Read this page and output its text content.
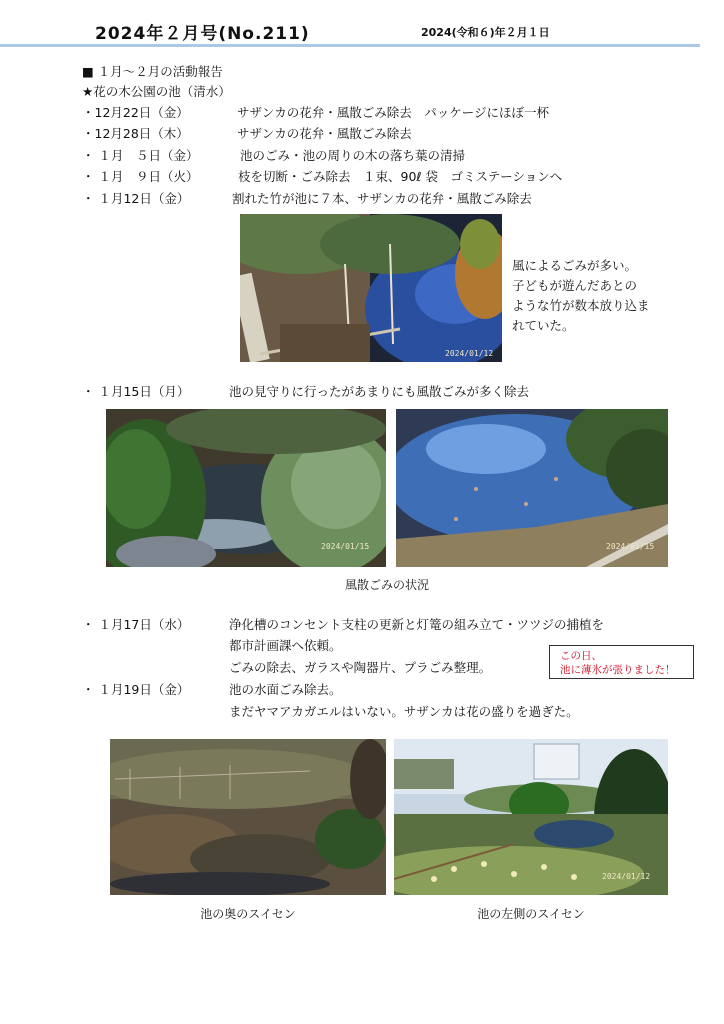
2024年２月号(No.211)	2024(令和６)年２月１日
■ １月～２月の活動報告
★花の木公園の池（清水）
・12月22日（金）	サザンカの花弁・風散ごみ除去　パッケージにほぼ一杯
・12月28日（木）	サザンカの花弁・風散ごみ除去
・ １月　５日（金）	池のごみ・池の周りの木の落ち葉の清掃
・ １月　９日（火）	枝を切断・ごみ除去　１束、90ℓ 袋　ゴミステーションへ
・ １月12日（金）	割れた竹が池に７本、サザンカの花弁・風散ごみ除去
2024/01/12
風によるごみが多い。
子どもが遊んだあとの
ような竹が数本放り込ま
れていた。
・ １月15日（月）	池の見守りに行ったがあまりにも風散ごみが多く除去
2024/01/15	2024/01/15
風散ごみの状況
・ １月17日（水）	浄化槽のコンセント支柱の更新と灯篭の組み立て・ツツジの捕植を
都市計画課へ依頼。
ごみの除去、ガラスや陶器片、プラごみ整理。
この日、
池に薄氷が張りました！
・ １月19日（金）	池の水面ごみ除去。
まだヤマアカガエルはいない。サザンカは花の盛りを過ぎた。
2024/01/12
池の奥のスイセン	池の左側のスイセン
